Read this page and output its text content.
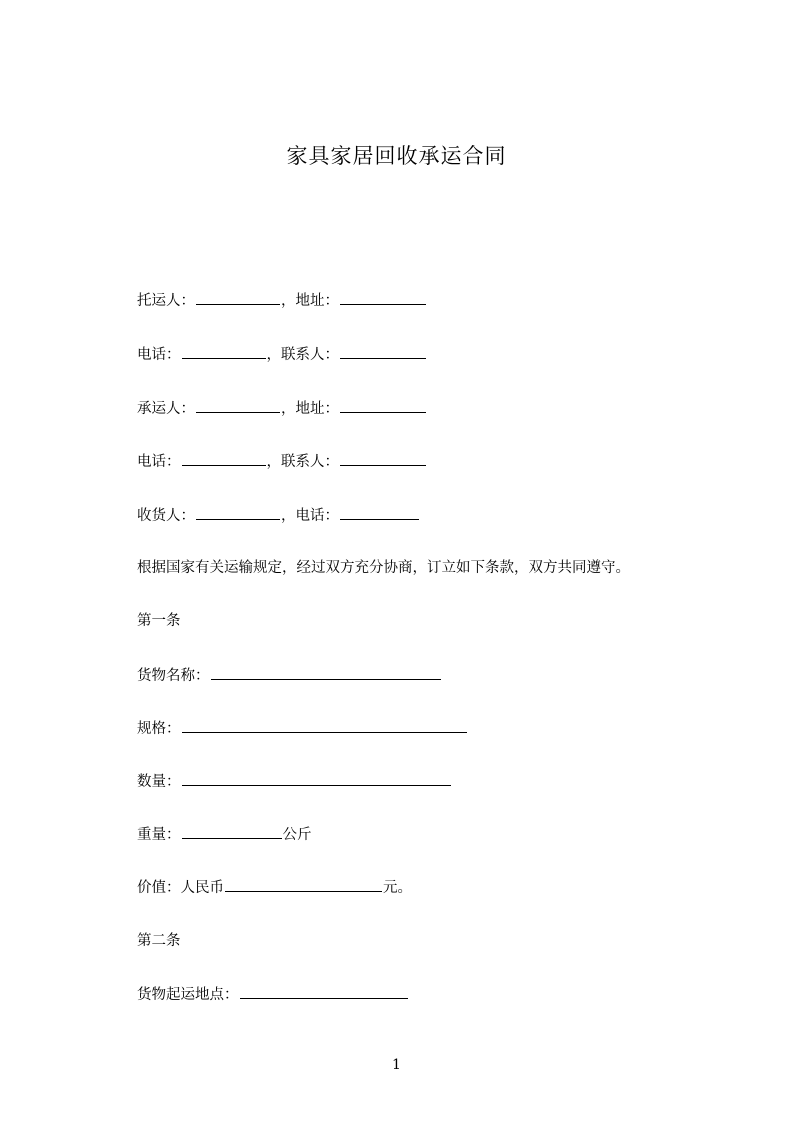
家具家居回收承运合同
托运人：	，地址：
电话：	，联系人：
承运人：	，地址：
电话：	，联系人：
收货人：	，电话：
根据国家有关运输规定，经过双方充分协商，订立如下条款，双方共同遵守。
第一条
货物名称：
规格：
数量：
重量：	公斤
价值：人民币	元。
第二条
货物起运地点：
1
